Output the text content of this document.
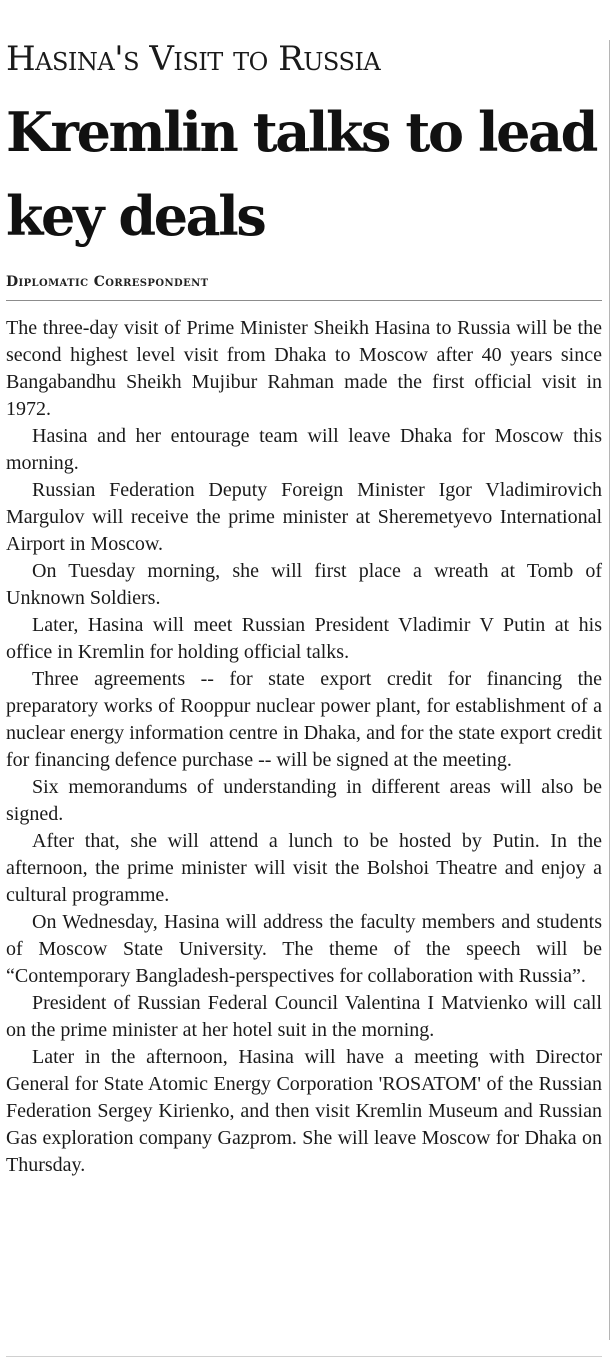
Hasina's Visit to Russia
Kremlin talks to lead key deals
Diplomatic Correspondent

The three-day visit of Prime Minister Sheikh Hasina to Russia will be the second highest level visit from Dhaka to Moscow after 40 years since Bangabandhu Sheikh Mujibur Rahman made the first official visit in 1972.

Hasina and her entourage team will leave Dhaka for Moscow this morning.

Russian Federation Deputy Foreign Minister Igor Vladimirovich Margulov will receive the prime minister at Sheremetyevo International Airport in Moscow.

On Tuesday morning, she will first place a wreath at Tomb of Unknown Soldiers.

Later, Hasina will meet Russian President Vladimir V Putin at his office in Kremlin for holding official talks.

Three agreements -- for state export credit for financing the preparatory works of Rooppur nuclear power plant, for establishment of a nuclear energy information centre in Dhaka, and for the state export credit for financing defence purchase -- will be signed at the meeting.

Six memorandums of understanding in different areas will also be signed.

After that, she will attend a lunch to be hosted by Putin. In the afternoon, the prime minister will visit the Bolshoi Theatre and enjoy a cultural programme.

On Wednesday, Hasina will address the faculty members and students of Moscow State University. The theme of the speech will be “Contemporary Bangladesh-perspectives for collaboration with Russia”.

President of Russian Federal Council Valentina I Matvienko will call on the prime minister at her hotel suit in the morning.

Later in the afternoon, Hasina will have a meeting with Director General for State Atomic Energy Corporation 'ROSATOM' of the Russian Federation Sergey Kirienko, and then visit Kremlin Museum and Russian Gas exploration company Gazprom. She will leave Moscow for Dhaka on Thursday.
